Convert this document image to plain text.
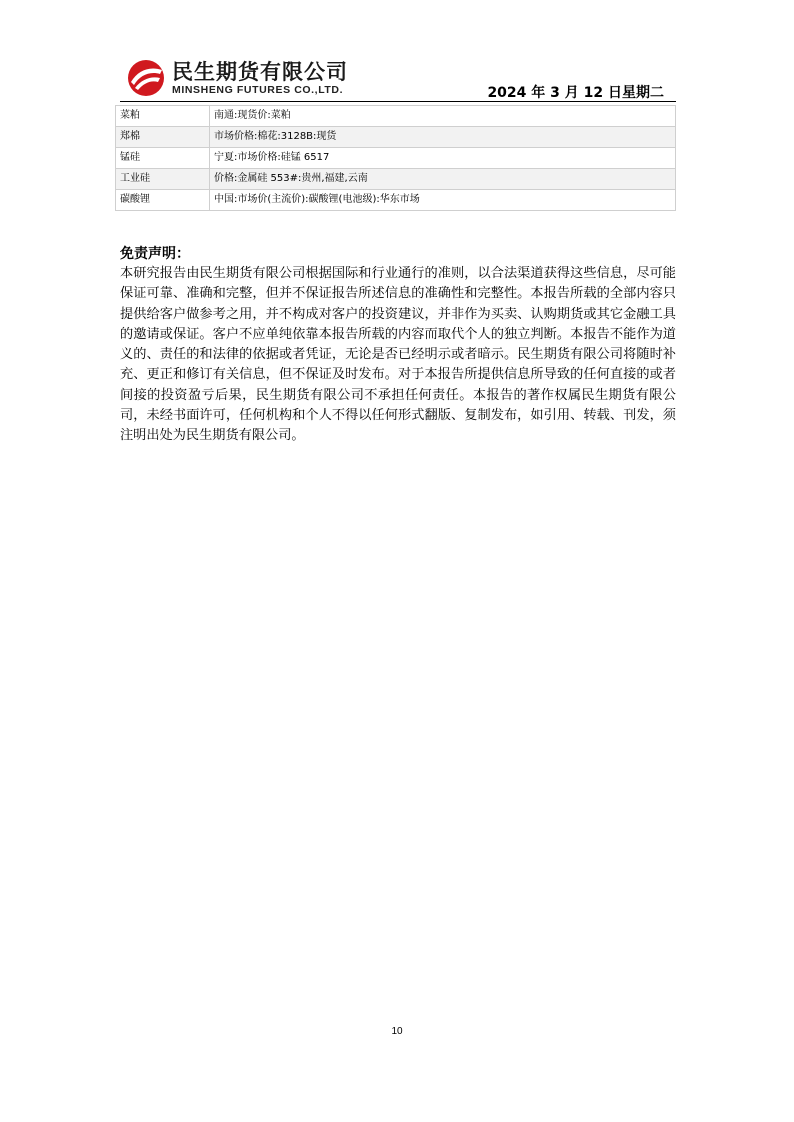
民生期货有限公司
MINSHENG FUTURES CO.,LTD.	2024 年 3 月 12 日星期二
菜粕	南通:现货价:菜粕
郑棉	市场价格:棉花:3128B:现货
锰硅	宁夏:市场价格:硅锰 6517
工业硅	价格:金属硅 553#:贵州,福建,云南
碳酸锂	中国:市场价(主流价):碳酸锂(电池级):华东市场

免责声明：

本研究报告由民生期货有限公司根据国际和行业通行的准则，以合法渠道获得这些信息，尽可能保证可靠、准确和完整，但并不保证报告所述信息的准确性和完整性。本报告所载的全部内容只提供给客户做参考之用，并不构成对客户的投资建议，并非作为买卖、认购期货或其它金融工具的邀请或保证。客户不应单纯依靠本报告所载的内容而取代个人的独立判断。本报告不能作为道义的、责任的和法律的依据或者凭证，无论是否已经明示或者暗示。民生期货有限公司将随时补充、更正和修订有关信息，但不保证及时发布。对于本报告所提供信息所导致的任何直接的或者间接的投资盈亏后果，民生期货有限公司不承担任何责任。本报告的著作权属民生期货有限公司，未经书面许可，任何机构和个人不得以任何形式翻版、复制发布，如引用、转载、刊发，须注明出处为民生期货有限公司。

10
